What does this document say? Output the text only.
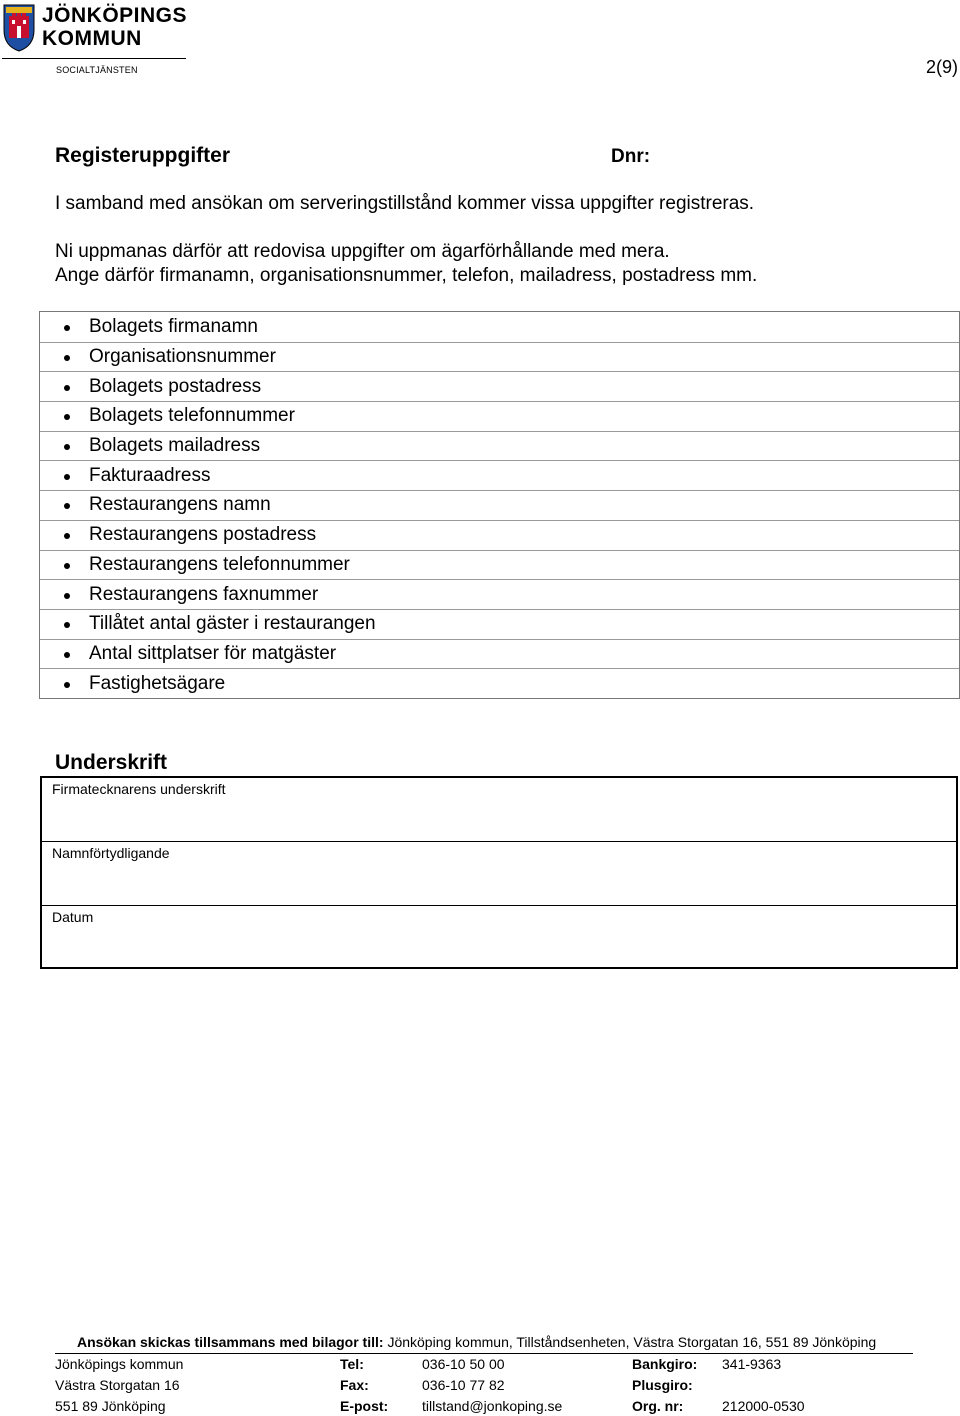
JÖNKÖPINGS
KOMMUN
SOCIALTJÄNSTEN	2(9)
Registeruppgifter	Dnr:
I samband med ansökan om serveringstillstånd kommer vissa uppgifter registreras.
Ni uppmanas därför att redovisa uppgifter om ägarförhållande med mera.
Ange därför firmanamn, organisationsnummer, telefon, mailadress, postadress mm.
Bolagets firmanamn
Organisationsnummer
Bolagets postadress
Bolagets telefonnummer
Bolagets mailadress
Fakturaadress
Restaurangens namn
Restaurangens postadress
Restaurangens telefonnummer
Restaurangens faxnummer
Tillåtet antal gäster i restaurangen
Antal sittplatser för matgäster
Fastighetsägare
Underskrift
Firmatecknarens underskrift
Namnförtydligande
Datum
Ansökan skickas tillsammans med bilagor till: Jönköping kommun, Tillståndsenheten, Västra Storgatan 16, 551 89 Jönköping
Jönköpings kommun
Västra Storgatan 16
551 89 Jönköping
Tel:
Fax:
E-post:
036-10 50 00
036-10 77 82
tillstand@jonkoping.se
Bankgiro:
Plusgiro:
Org. nr:
341-9363
212000-0530
